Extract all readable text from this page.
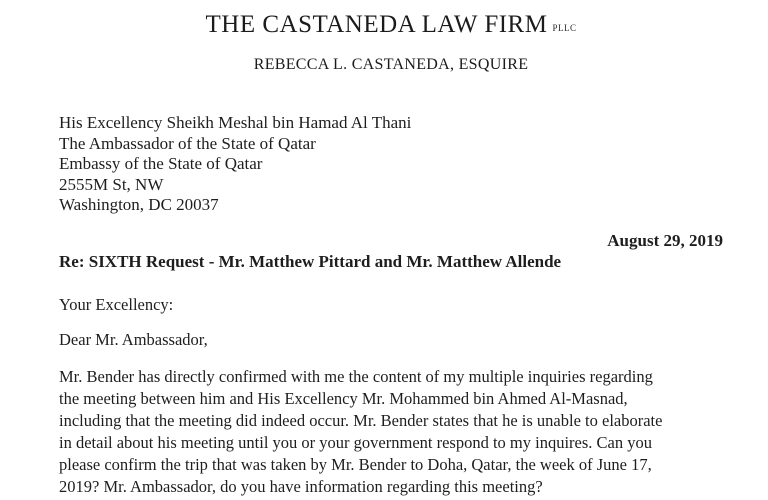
THE CASTANEDA LAW FIRM PLLC
REBECCA L. CASTANEDA, ESQUIRE
His Excellency Sheikh Meshal bin Hamad Al Thani
The Ambassador of the State of Qatar
Embassy of the State of Qatar
2555M St, NW
Washington, DC 20037
August 29, 2019
Re: SIXTH Request - Mr. Matthew Pittard and Mr. Matthew Allende
Your Excellency:
Dear Mr. Ambassador,
Mr. Bender has directly confirmed with me the content of my multiple inquiries regarding
the meeting between him and His Excellency Mr. Mohammed bin Ahmed Al-Masnad,
including that the meeting did indeed occur. Mr. Bender states that he is unable to elaborate
in detail about his meeting until you or your government respond to my inquires. Can you
please confirm the trip that was taken by Mr. Bender to Doha, Qatar, the week of June 17,
2019? Mr. Ambassador, do you have information regarding this meeting?
